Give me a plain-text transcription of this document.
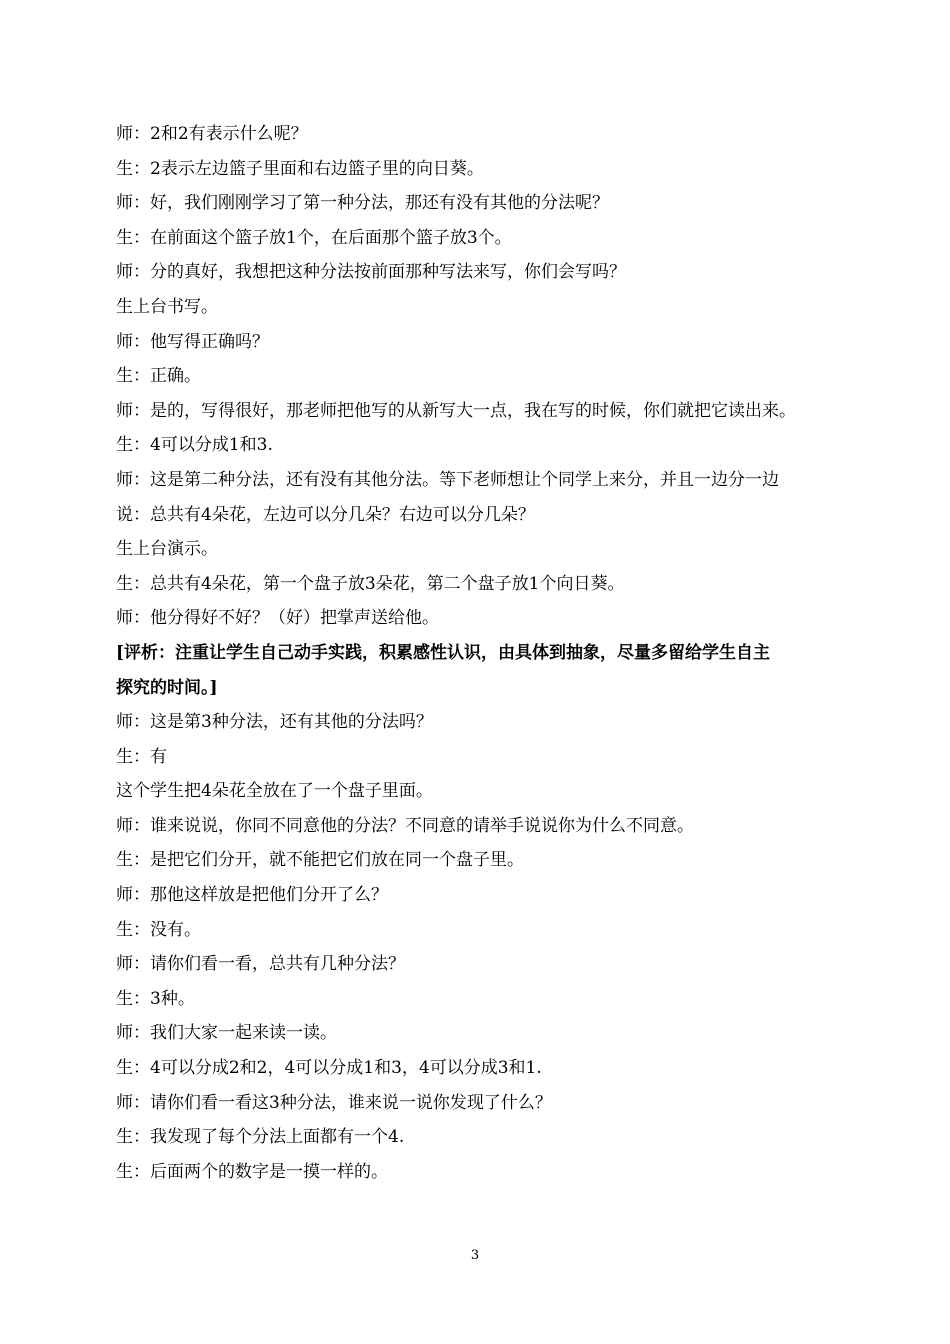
师：2和2有表示什么呢？
生：2表示左边篮子里面和右边篮子里的向日葵。
师：好，我们刚刚学习了第一种分法，那还有没有其他的分法呢？
生：在前面这个篮子放1个，在后面那个篮子放3个。
师：分的真好，我想把这种分法按前面那种写法来写，你们会写吗？
生上台书写。
师：他写得正确吗？
生：正确。
师：是的，写得很好，那老师把他写的从新写大一点，我在写的时候，你们就把它读出来。
生：4可以分成1和3.
师：这是第二种分法，还有没有其他分法。等下老师想让个同学上来分，并且一边分一边
说：总共有4朵花，左边可以分几朵？右边可以分几朵？
生上台演示。
生：总共有4朵花，第一个盘子放3朵花，第二个盘子放1个向日葵。
师：他分得好不好？（好）把掌声送给他。
[评析：注重让学生自己动手实践，积累感性认识，由具体到抽象，尽量多留给学生自主
探究的时间。]
师：这是第3种分法，还有其他的分法吗？
生：有
这个学生把4朵花全放在了一个盘子里面。
师：谁来说说，你同不同意他的分法？不同意的请举手说说你为什么不同意。
生：是把它们分开，就不能把它们放在同一个盘子里。
师：那他这样放是把他们分开了么？
生：没有。
师：请你们看一看，总共有几种分法？
生：3种。
师：我们大家一起来读一读。
生：4可以分成2和2，4可以分成1和3，4可以分成3和1.
师：请你们看一看这3种分法，谁来说一说你发现了什么？
生：我发现了每个分法上面都有一个4.
生：后面两个的数字是一摸一样的。
3
